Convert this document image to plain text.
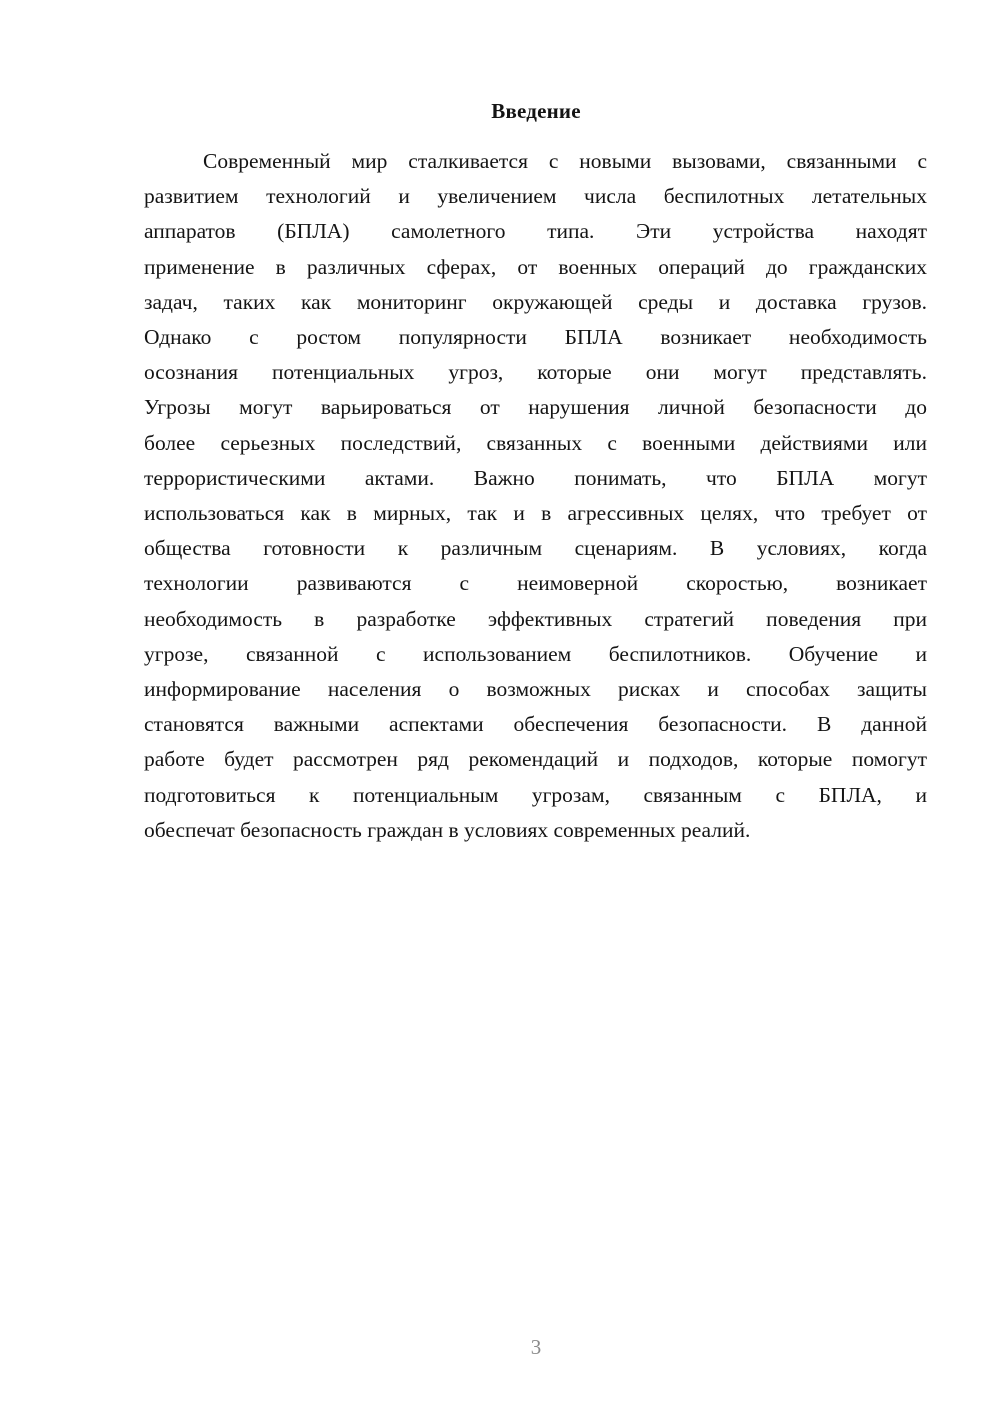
Введение
Современный мир сталкивается с новыми вызовами, связанными с
развитием технологий и увеличением числа беспилотных летательных
аппаратов (БПЛА) самолетного типа. Эти устройства находят
применение в различных сферах, от военных операций до гражданских
задач, таких как мониторинг окружающей среды и доставка грузов.
Однако с ростом популярности БПЛА возникает необходимость
осознания потенциальных угроз, которые они могут представлять.
Угрозы могут варьироваться от нарушения личной безопасности до
более серьезных последствий, связанных с военными действиями или
террористическими актами. Важно понимать, что БПЛА могут
использоваться как в мирных, так и в агрессивных целях, что требует от
общества готовности к различным сценариям. В условиях, когда
технологии развиваются с неимоверной скоростью, возникает
необходимость в разработке эффективных стратегий поведения при
угрозе, связанной с использованием беспилотников. Обучение и
информирование населения о возможных рисках и способах защиты
становятся важными аспектами обеспечения безопасности. В данной
работе будет рассмотрен ряд рекомендаций и подходов, которые помогут
подготовиться к потенциальным угрозам, связанным с БПЛА, и
обеспечат безопасность граждан в условиях современных реалий.
3
